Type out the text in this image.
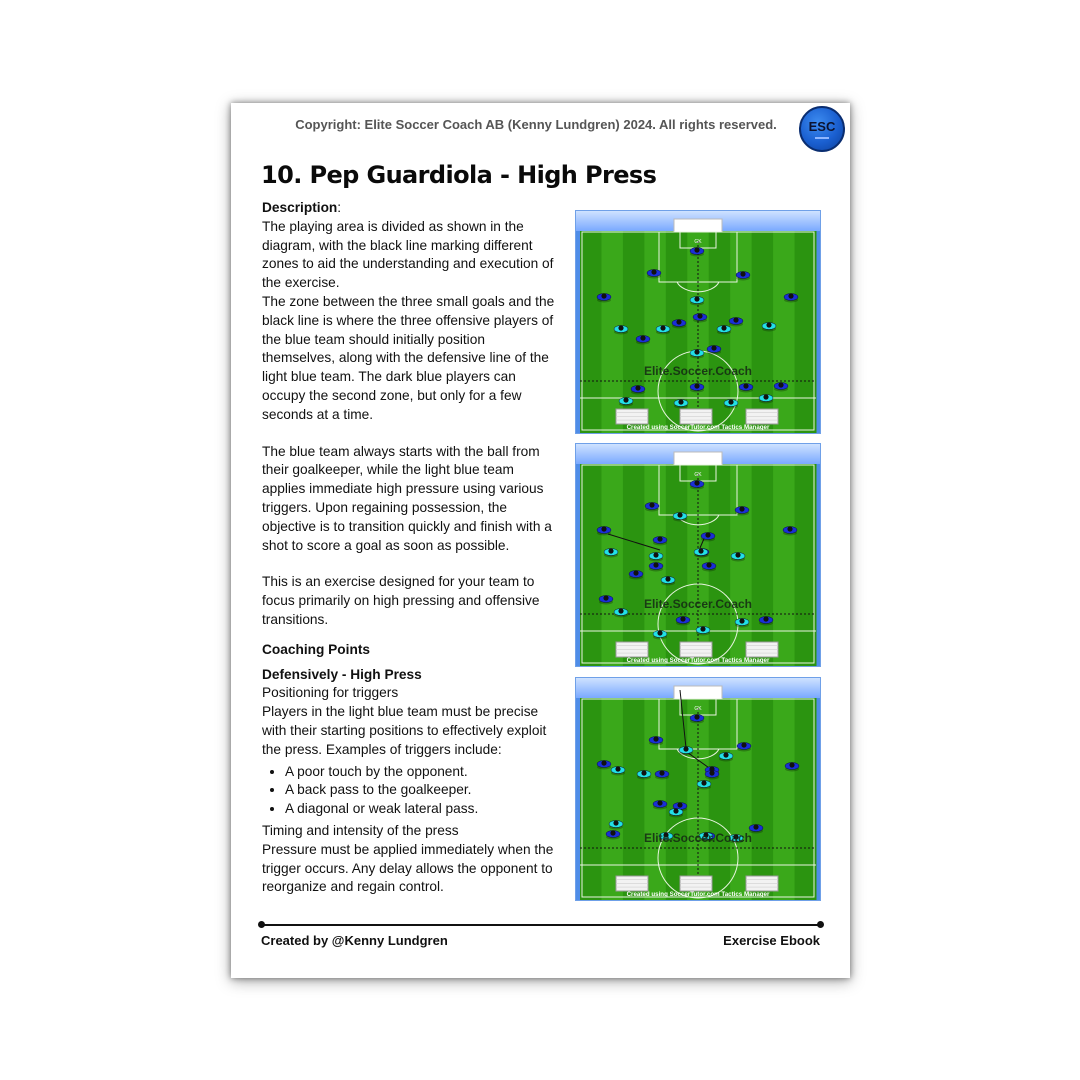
Copyright: Elite Soccer Coach AB (Kenny Lundgren) 2024. All rights reserved.	ESC
10. Pep Guardiola - High Press

Description:

The playing area is divided as shown in the diagram, with the black line marking different zones to aid the understanding and execution of the exercise.

The zone between the three small goals and the black line is where the three offensive players of the blue team should initially position themselves, along with the defensive line of the light blue team. The dark blue players can occupy the second zone, but only for a few seconds at a time.

The blue team always starts with the ball from their goalkeeper, while the light blue team applies immediate high pressure using various triggers. Upon regaining possession, the objective is to transition quickly and finish with a shot to score a goal as soon as possible.

This is an exercise designed for your team to focus primarily on high pressing and offensive transitions.

Coaching Points

Defensively - High Press

Positioning for triggers

Players in the light blue team must be precise with their starting positions to effectively exploit the press. Examples of triggers include:

• A poor touch by the opponent.
• A back pass to the goalkeeper.
• A diagonal or weak lateral pass.

Timing and intensity of the press

Pressure must be applied immediately when the trigger occurs. Any delay allows the opponent to reorganize and regain control.

GK
Elite.Soccer.Coach
Created using SoccerTutor.com Tactics Manager
GK
Elite.Soccer.Coach
Created using SoccerTutor.com Tactics Manager
GK
Elite.Soccer.Coach
Created using SoccerTutor.com Tactics Manager
Created by @Kenny Lundgren	Exercise Ebook
